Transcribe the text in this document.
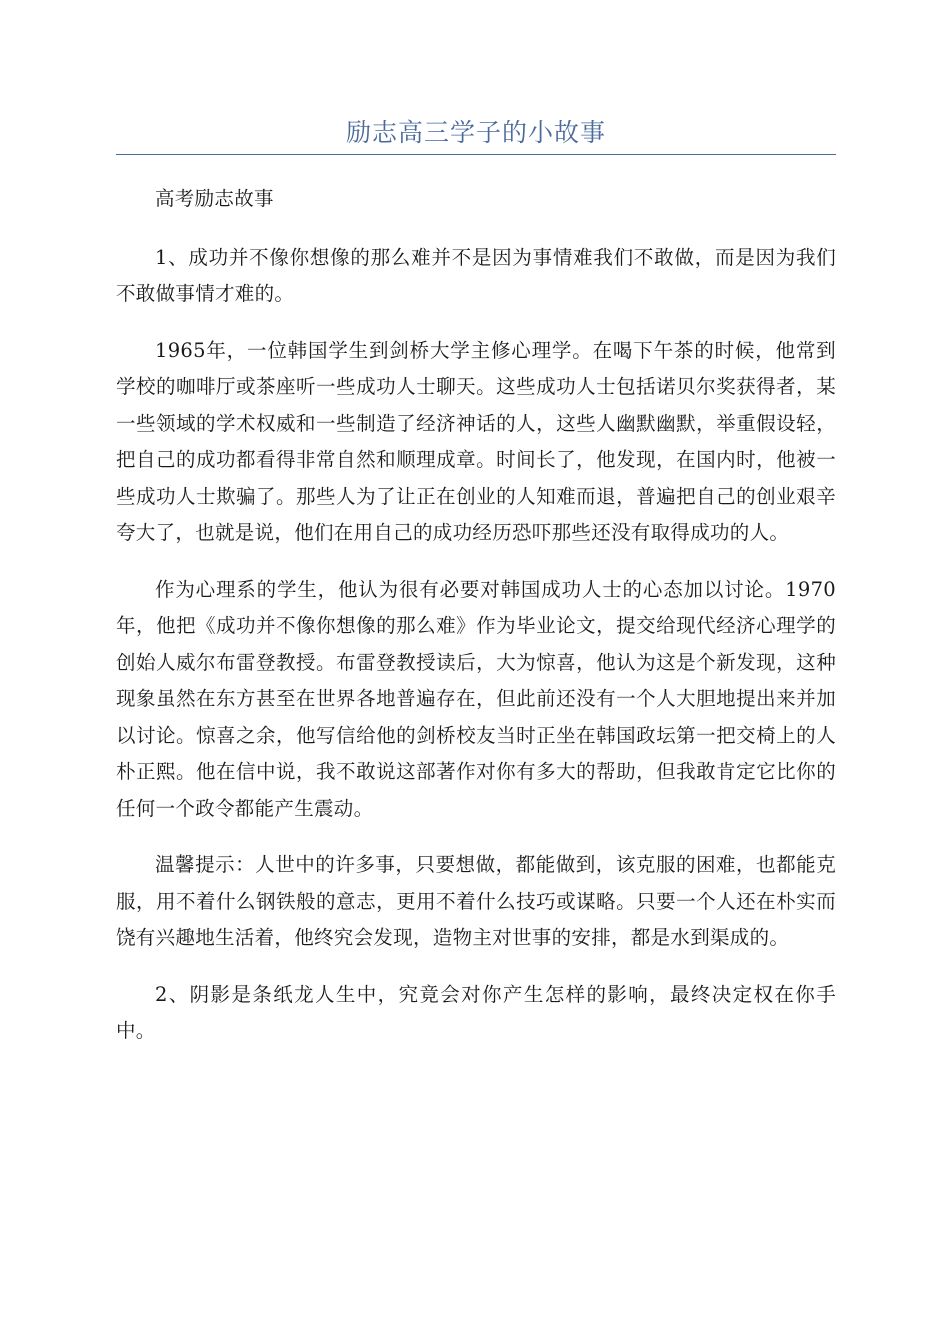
励志高三学子的小故事

高考励志故事

1、成功并不像你想像的那么难并不是因为事情难我们不敢做，而是因为我们不敢做事情才难的。

1965年，一位韩国学生到剑桥大学主修心理学。在喝下午茶的时候，他常到学校的咖啡厅或茶座听一些成功人士聊天。这些成功人士包括诺贝尔奖获得者，某一些领域的学术权威和一些制造了经济神话的人，这些人幽默幽默，举重假设轻，把自己的成功都看得非常自然和顺理成章。时间长了，他发现，在国内时，他被一些成功人士欺骗了。那些人为了让正在创业的人知难而退，普遍把自己的创业艰辛夸大了，也就是说，他们在用自己的成功经历恐吓那些还没有取得成功的人。

作为心理系的学生，他认为很有必要对韩国成功人士的心态加以讨论。1970年，他把《成功并不像你想像的那么难》作为毕业论文，提交给现代经济心理学的创始人威尔布雷登教授。布雷登教授读后，大为惊喜，他认为这是个新发现，这种现象虽然在东方甚至在世界各地普遍存在，但此前还没有一个人大胆地提出来并加以讨论。惊喜之余，他写信给他的剑桥校友当时正坐在韩国政坛第一把交椅上的人朴正熙。他在信中说，我不敢说这部著作对你有多大的帮助，但我敢肯定它比你的任何一个政令都能产生震动。

温馨提示：人世中的许多事，只要想做，都能做到，该克服的困难，也都能克服，用不着什么钢铁般的意志，更用不着什么技巧或谋略。只要一个人还在朴实而饶有兴趣地生活着，他终究会发现，造物主对世事的安排，都是水到渠成的。

2、阴影是条纸龙人生中，究竟会对你产生怎样的影响，最终决定权在你手中。
